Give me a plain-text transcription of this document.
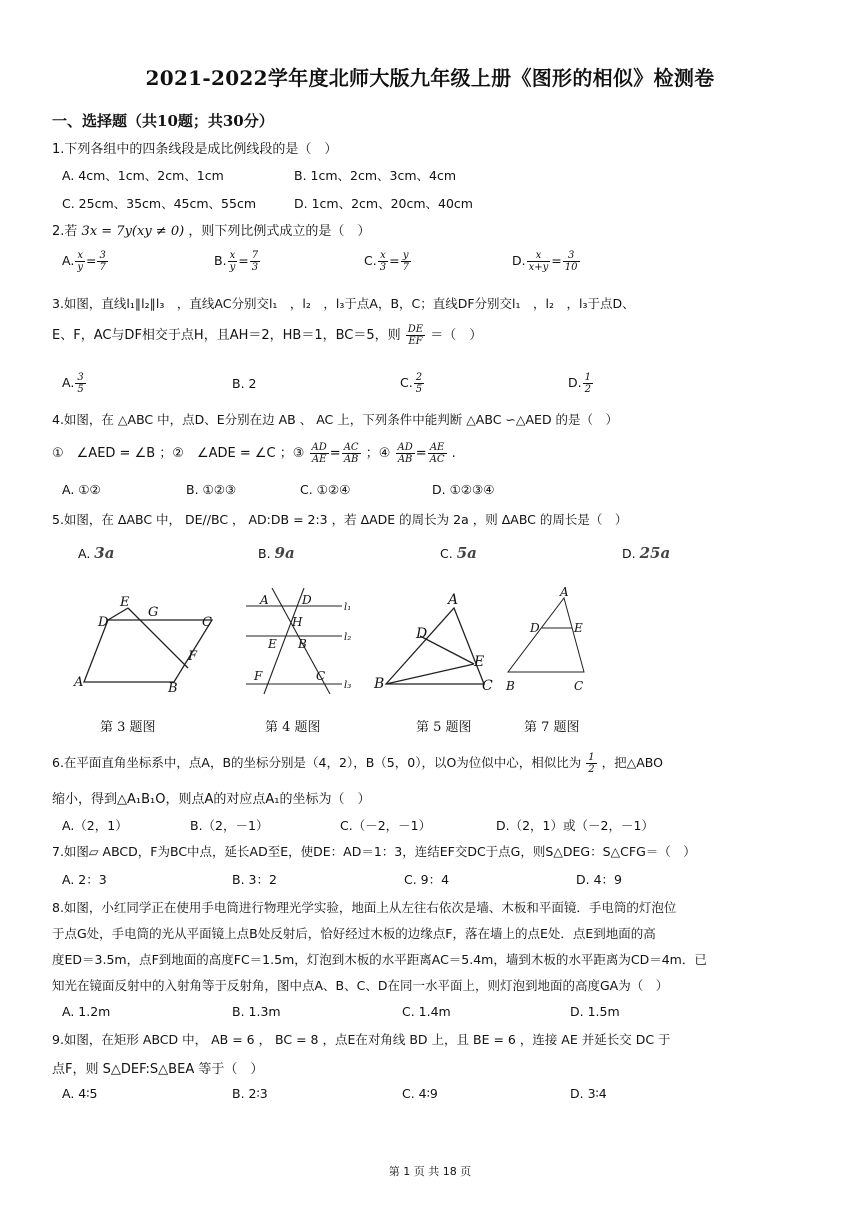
2021-2022学年度北师大版九年级上册《图形的相似》检测卷
一、选择题（共10题；共30分）
1.下列各组中的四条线段是成比例线段的是（　）
A. 4cm、1cm、2cm、1cm	B. 1cm、2cm、3cm、4cm
C. 25cm、35cm、45cm、55cm	D. 1cm、2cm、20cm、40cm
2.若 3x = 7y(xy ≠ 0) ，则下列比例式成立的是（　）
A. $\frac{x}{y} = \frac{3}{7}$	B. $\frac{x}{y} = \frac{7}{3}$	C. $\frac{x}{3} = \frac{y}{7}$	D. $\frac{x}{x+y} = \frac{3}{10}$
3.如图，直线l₁∥l₂∥l₃　，直线AC分别交l₁　，l₂　，l₃于点A，B，C；直线DF分别交l₁　，l₂　，l₃于点D、
E、F，AC与DF相交于点H，且AH＝2，HB＝1，BC＝5，则 $\frac{DE}{EF}$ ＝（　）
A. $\frac{3}{5}$	B. 2	C. $\frac{2}{5}$	D. $\frac{1}{2}$
4.如图，在 △ABC 中，点D、E分别在边 AB 、 AC 上，下列条件中能判断 △ABC ∽△AED 的是（　）
①　∠AED = ∠B ；②　∠ADE = ∠C ；③ $\frac{AD}{AE} = \frac{AC}{AB}$ ；④ $\frac{AD}{AB} = \frac{AE}{AC}$ .
A. ①②	B. ①②③	C. ①②④	D. ①②③④
5.如图，在 ΔABC 中， DE//BC ， AD:DB = 2:3 ，若 ΔADE 的周长为 2a ，则 ΔABC 的周长是（　）
A. 3a	B. 9a	C. 5a	D. 25a
E
G
D	C
F
A	B
A	D
l₁
H
E B	l₂
F	C
l₃
A
D
E
B	C
A
D	E
B	C
第 3 题图	第 4 题图	第 5 题图	第 7 题图
6.在平面直角坐标系中，点A，B的坐标分别是（4，2），B（5，0），以O为位似中心，相似比为 $\frac{1}{2}$ ，把△ABO
缩小，得到△A₁B₁O，则点A的对应点A₁的坐标为（　）
A.（2，1）	B.（2，－1）	C.（－2，－1）	D.（2，1）或（－2，－1）
7.如图▱ ABCD，F为BC中点，延长AD至E，使DE：AD＝1：3，连结EF交DC于点G，则S△DEG：S△CFG＝（　）
A. 2：3	B. 3：2	C. 9：4	D. 4：9
8.如图，小红同学正在使用手电筒进行物理光学实验，地面上从左往右依次是墙、木板和平面镜．手电筒的灯泡位
于点G处，手电筒的光从平面镜上点B处反射后，恰好经过木板的边缘点F，落在墙上的点E处．点E到地面的高
度ED＝3.5m，点F到地面的高度FC＝1.5m，灯泡到木板的水平距离AC＝5.4m，墙到木板的水平距离为CD＝4m．已
知光在镜面反射中的入射角等于反射角，图中点A、B、C、D在同一水平面上，则灯泡到地面的高度GA为（　）
A. 1.2m	B. 1.3m	C. 1.4m	D. 1.5m
9.如图，在矩形 ABCD 中， AB = 6 ， BC = 8 ，点E在对角线 BD 上，且 BE = 6 ，连接 AE 并延长交 DC 于
点F，则 S△DEF:S△BEA 等于（　）
A. 4∶5	B. 2∶3	C. 4∶9	D. 3∶4
第 1 页 共 18 页
